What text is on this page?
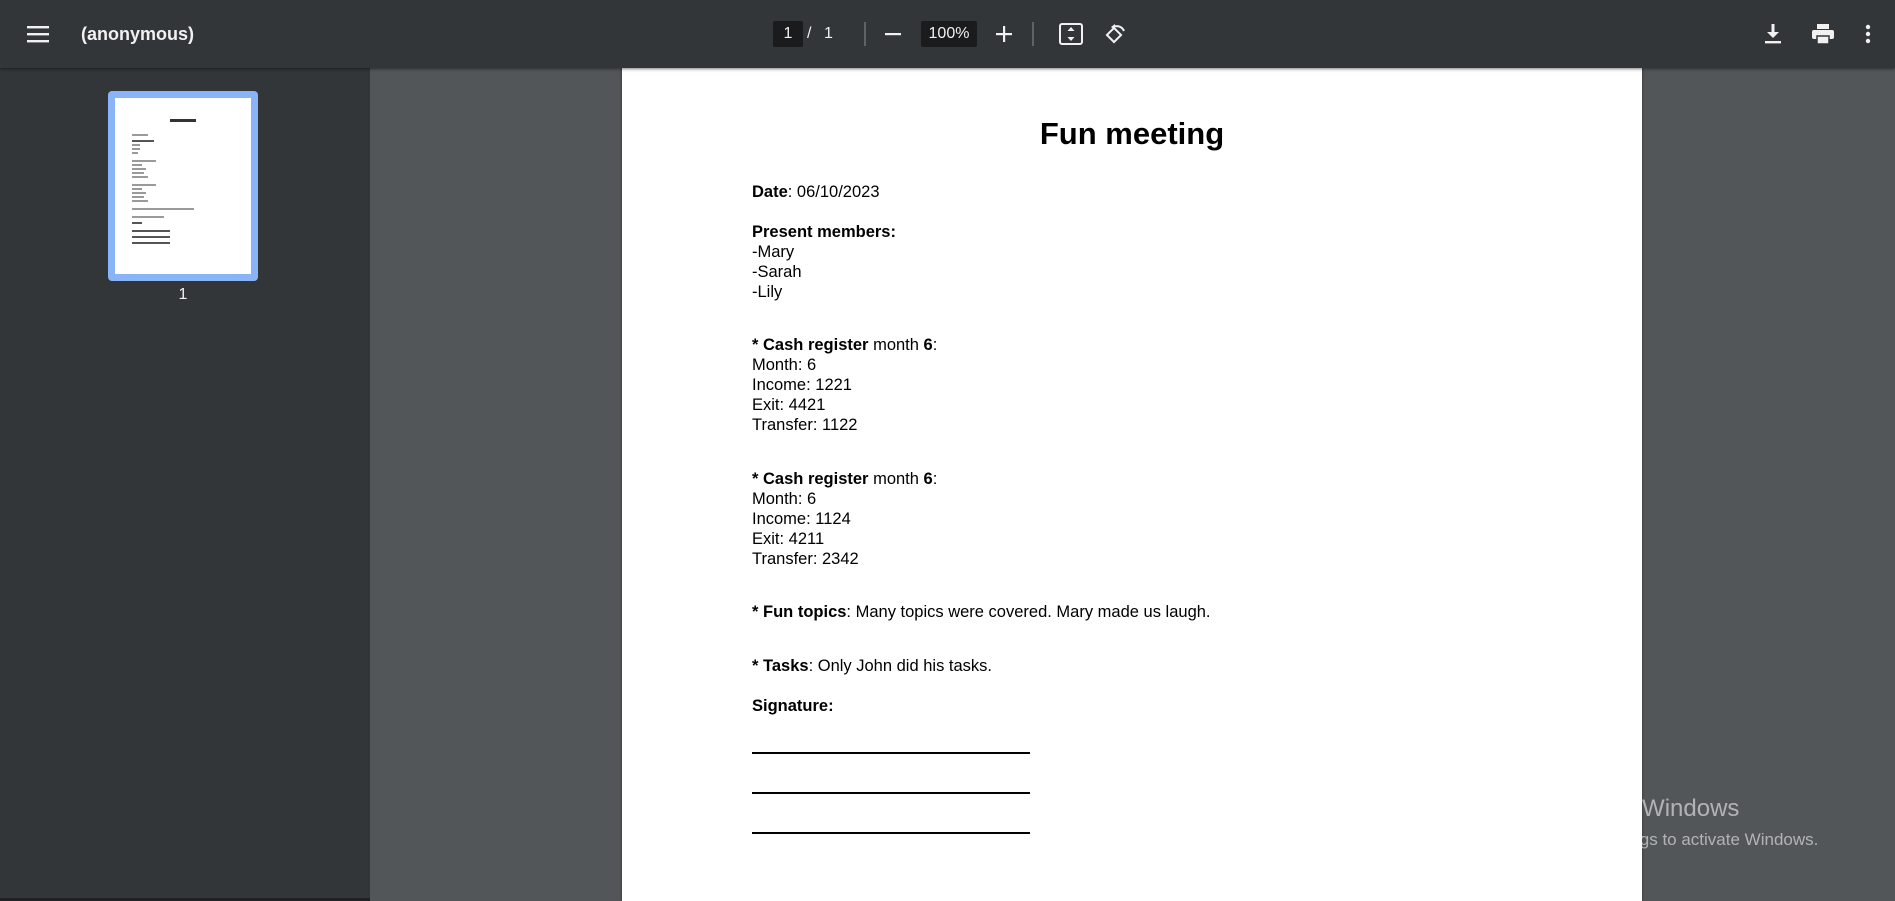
(anonymous)
1	/ 1
100%
1
Fun meeting
Date: 06/10/2023
Present members:
-Mary
-Sarah
-Lily
* Cash register month 6:
Month: 6
Income: 1221
Exit: 4421
Transfer: 1122
* Cash register month 6:
Month: 6
Income: 1124
Exit: 4211
Transfer: 2342
* Fun topics: Many topics were covered. Mary made us laugh.
* Tasks: Only John did his tasks.
Signature:
Activate Windows
Go to Settings to activate Windows.
